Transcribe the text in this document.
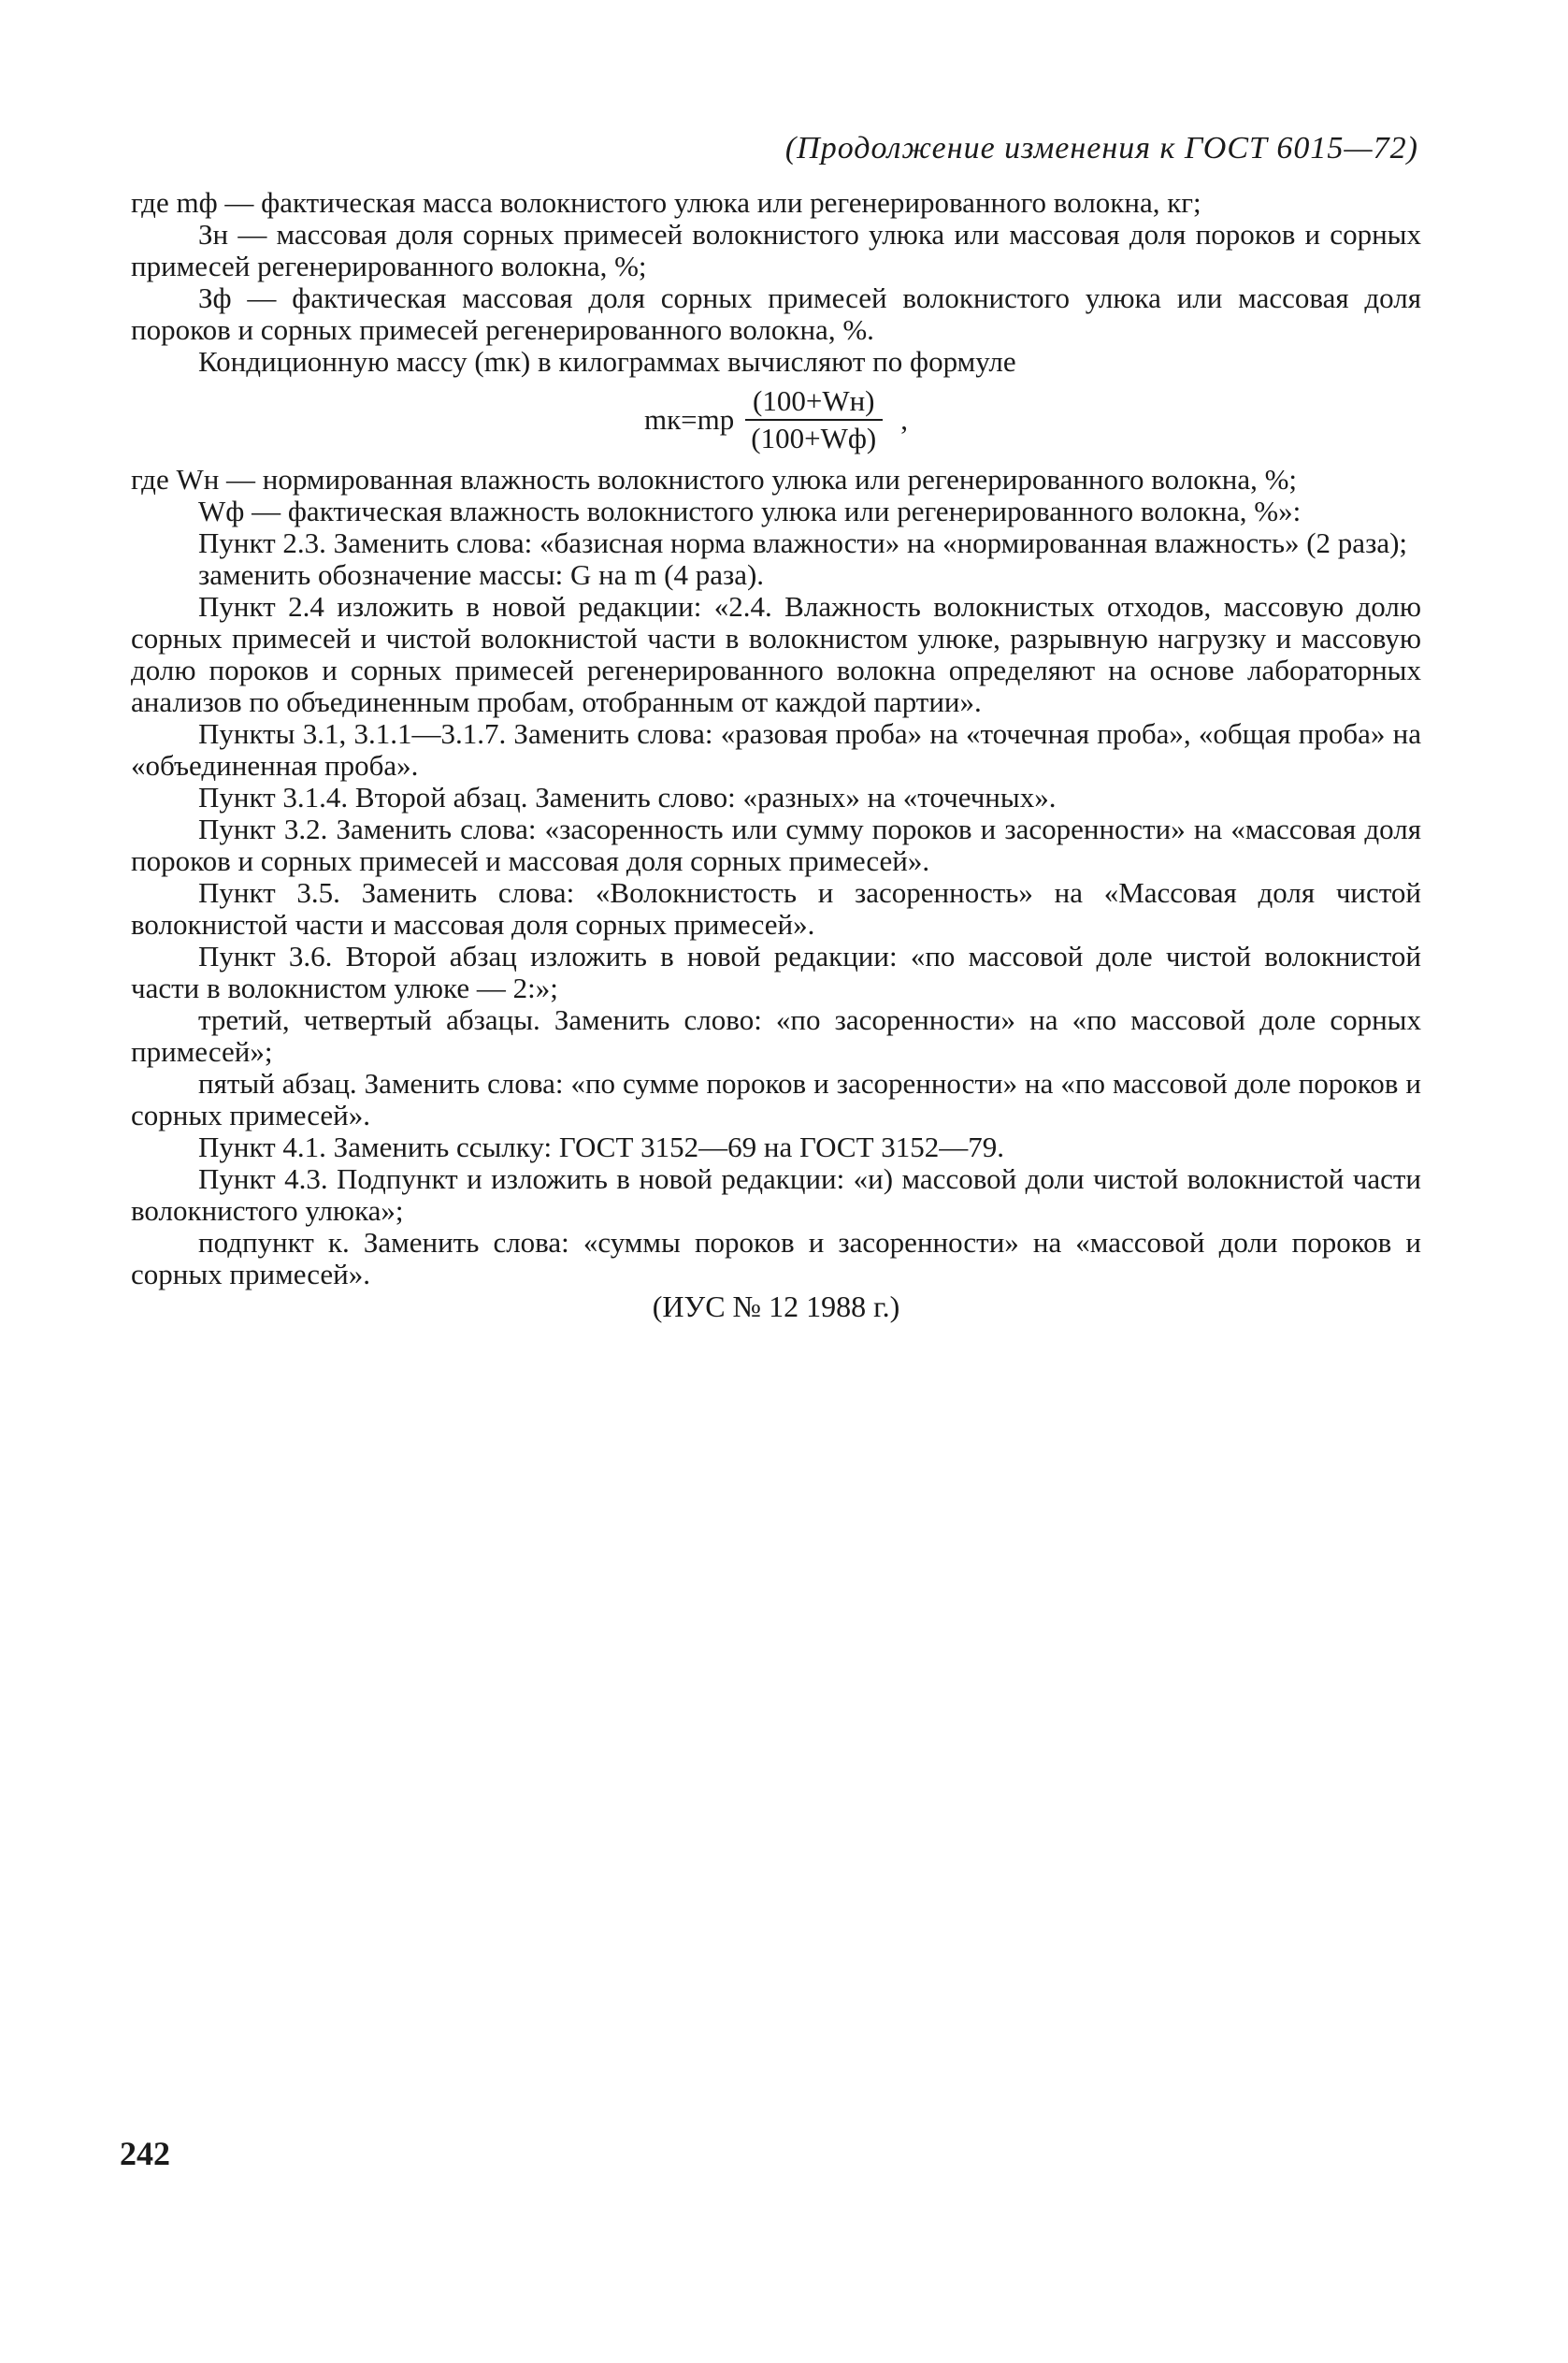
(Продолжение изменения к ГОСТ 6015—72)

где mф — фактическая масса волокнистого улюка или регенерированного волокна, кг;

Зн — массовая доля сорных примесей волокнистого улюка или массовая доля пороков и сорных примесей регенерированного волокна, %;

Зф — фактическая массовая доля сорных примесей волокнистого улюка или массовая доля пороков и сорных примесей регенерированного волокна, %.

Кондиционную массу (mк) в килограммах вычисляют по формуле

$mк=mр \frac{(100+Wн)}{(100+Wф)}$ ,

где Wн — нормированная влажность волокнистого улюка или регенерированного волокна, %;

Wф — фактическая влажность волокнистого улюка или регенерированного волокна, %»:

Пункт 2.3. Заменить слова: «базисная норма влажности» на «нормированная влажность» (2 раза);

заменить обозначение массы: G на m (4 раза).

Пункт 2.4 изложить в новой редакции: «2.4. Влажность волокнистых отходов, массовую долю сорных примесей и чистой волокнистой части в волокнистом улюке, разрывную нагрузку и массовую долю пороков и сорных примесей регенерированного волокна определяют на основе лабораторных анализов по объединенным пробам, отобранным от каждой партии».

Пункты 3.1, 3.1.1—3.1.7. Заменить слова: «разовая проба» на «точечная проба», «общая проба» на «объединенная проба».

Пункт 3.1.4. Второй абзац. Заменить слово: «разных» на «точечных».

Пункт 3.2. Заменить слова: «засоренность или сумму пороков и засоренности» на «массовая доля пороков и сорных примесей и массовая доля сорных примесей».

Пункт 3.5. Заменить слова: «Волокнистость и засоренность» на «Массовая доля чистой волокнистой части и массовая доля сорных примесей».

Пункт 3.6. Второй абзац изложить в новой редакции: «по массовой доле чистой волокнистой части в волокнистом улюке — 2:»;

третий, четвертый абзацы. Заменить слово: «по засоренности» на «по массовой доле сорных примесей»;

пятый абзац. Заменить слова: «по сумме пороков и засоренности» на «по массовой доле пороков и сорных примесей».

Пункт 4.1. Заменить ссылку: ГОСТ 3152—69 на ГОСТ 3152—79.

Пункт 4.3. Подпункт и изложить в новой редакции: «и) массовой доли чистой волокнистой части волокнистого улюка»;

подпункт к. Заменить слова: «суммы пороков и засоренности» на «массовой доли пороков и сорных примесей».

(ИУС № 12 1988 г.)

242
